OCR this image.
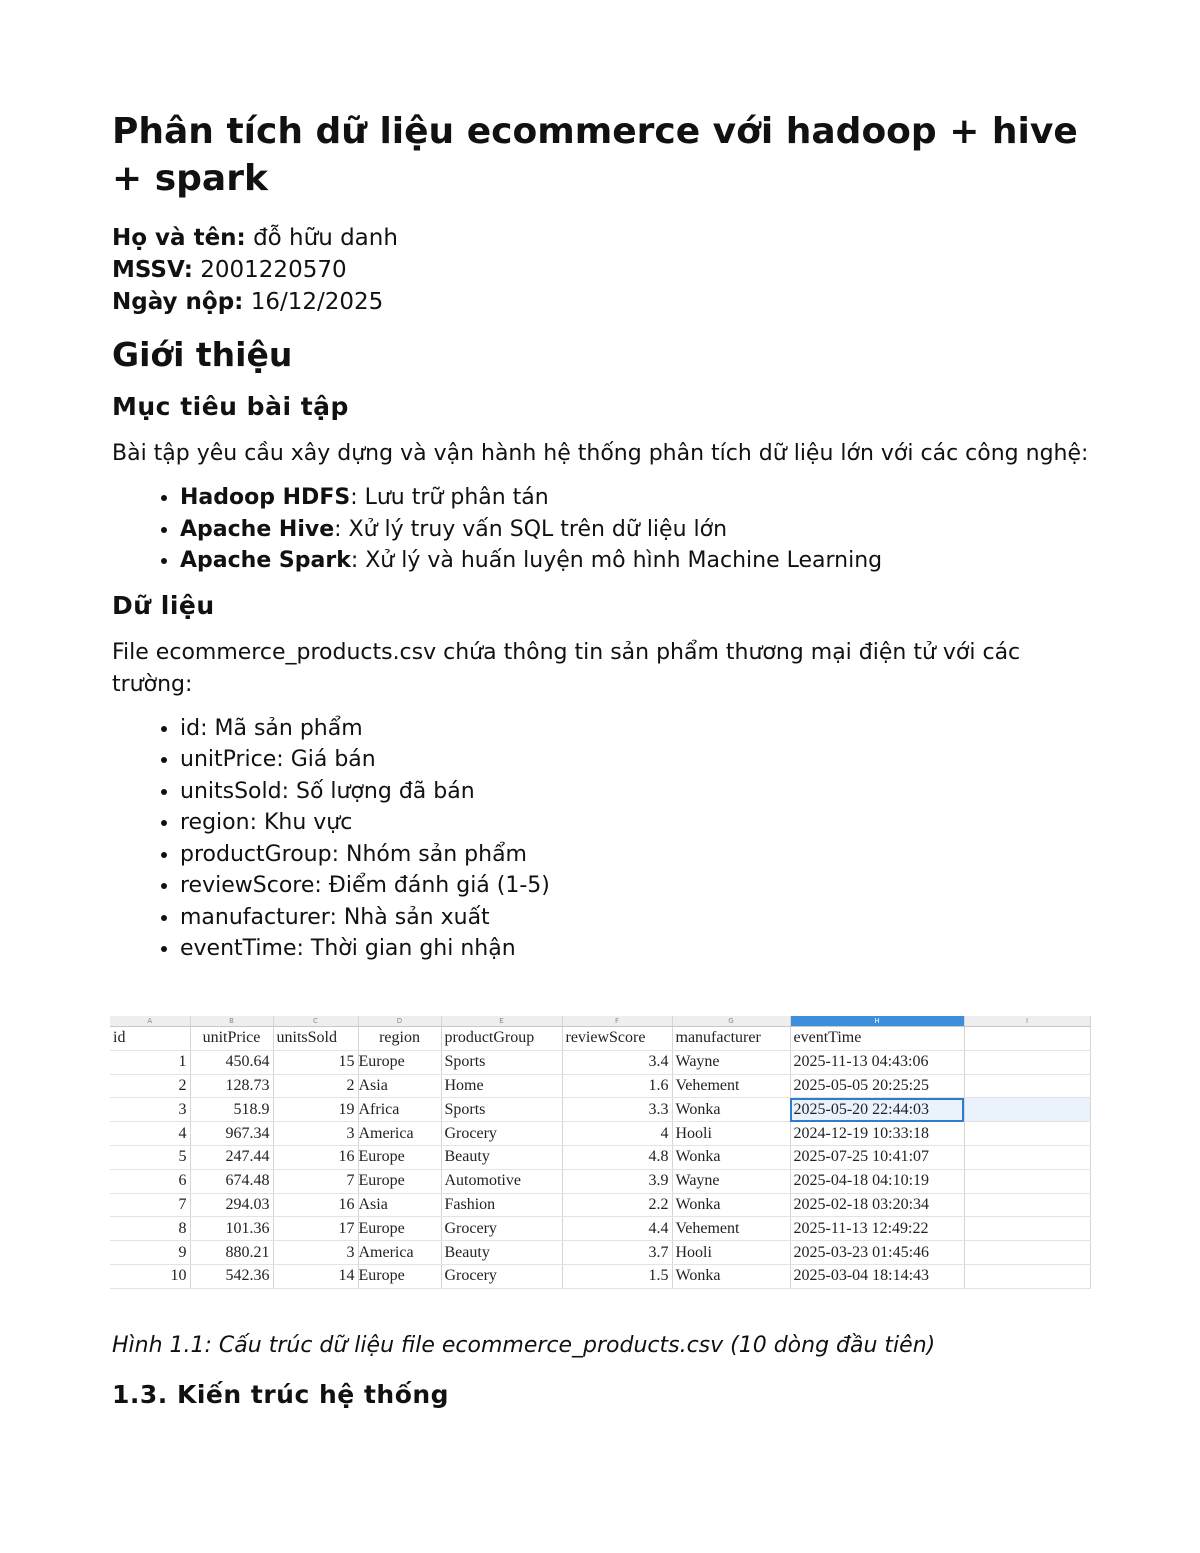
Phân tích dữ liệu ecommerce với hadoop + hive + spark

Họ và tên: đỗ hữu danh

MSSV: 2001220570

Ngày nộp: 16/12/2025

Giới thiệu
Mục tiêu bài tập

Bài tập yêu cầu xây dựng và vận hành hệ thống phân tích dữ liệu lớn với các công nghệ:

• Hadoop HDFS: Lưu trữ phân tán
• Apache Hive: Xử lý truy vấn SQL trên dữ liệu lớn
• Apache Spark: Xử lý và huấn luyện mô hình Machine Learning
Dữ liệu

File ecommerce_products.csv chứa thông tin sản phẩm thương mại điện tử với các trường:

• id: Mã sản phẩm
• unitPrice: Giá bán
• unitsSold: Số lượng đã bán
• region: Khu vực
• productGroup: Nhóm sản phẩm
• reviewScore: Điểm đánh giá (1-5)
• manufacturer: Nhà sản xuất
• eventTime: Thời gian ghi nhận
A	B	C	D	E	F	G	H	I
id	unitPrice	unitsSold	region	productGroup	reviewScore	manufacturer	eventTime	
1	450.64	15	Europe	Sports	3.4	Wayne	2025-11-13 04:43:06	
2	128.73	2	Asia	Home	1.6	Vehement	2025-05-05 20:25:25	
3	518.9	19	Africa	Sports	3.3	Wonka	2025-05-20 22:44:03	
4	967.34	3	America	Grocery	4	Hooli	2024-12-19 10:33:18	
5	247.44	16	Europe	Beauty	4.8	Wonka	2025-07-25 10:41:07	
6	674.48	7	Europe	Automotive	3.9	Wayne	2025-04-18 04:10:19	
7	294.03	16	Asia	Fashion	2.2	Wonka	2025-02-18 03:20:34	
8	101.36	17	Europe	Grocery	4.4	Vehement	2025-11-13 12:49:22	
9	880.21	3	America	Beauty	3.7	Hooli	2025-03-23 01:45:46	
10	542.36	14	Europe	Grocery	1.5	Wonka	2025-03-04 18:14:43	
Hình 1.1: Cấu trúc dữ liệu file ecommerce_products.csv (10 dòng đầu tiên)
1.3. Kiến trúc hệ thống
